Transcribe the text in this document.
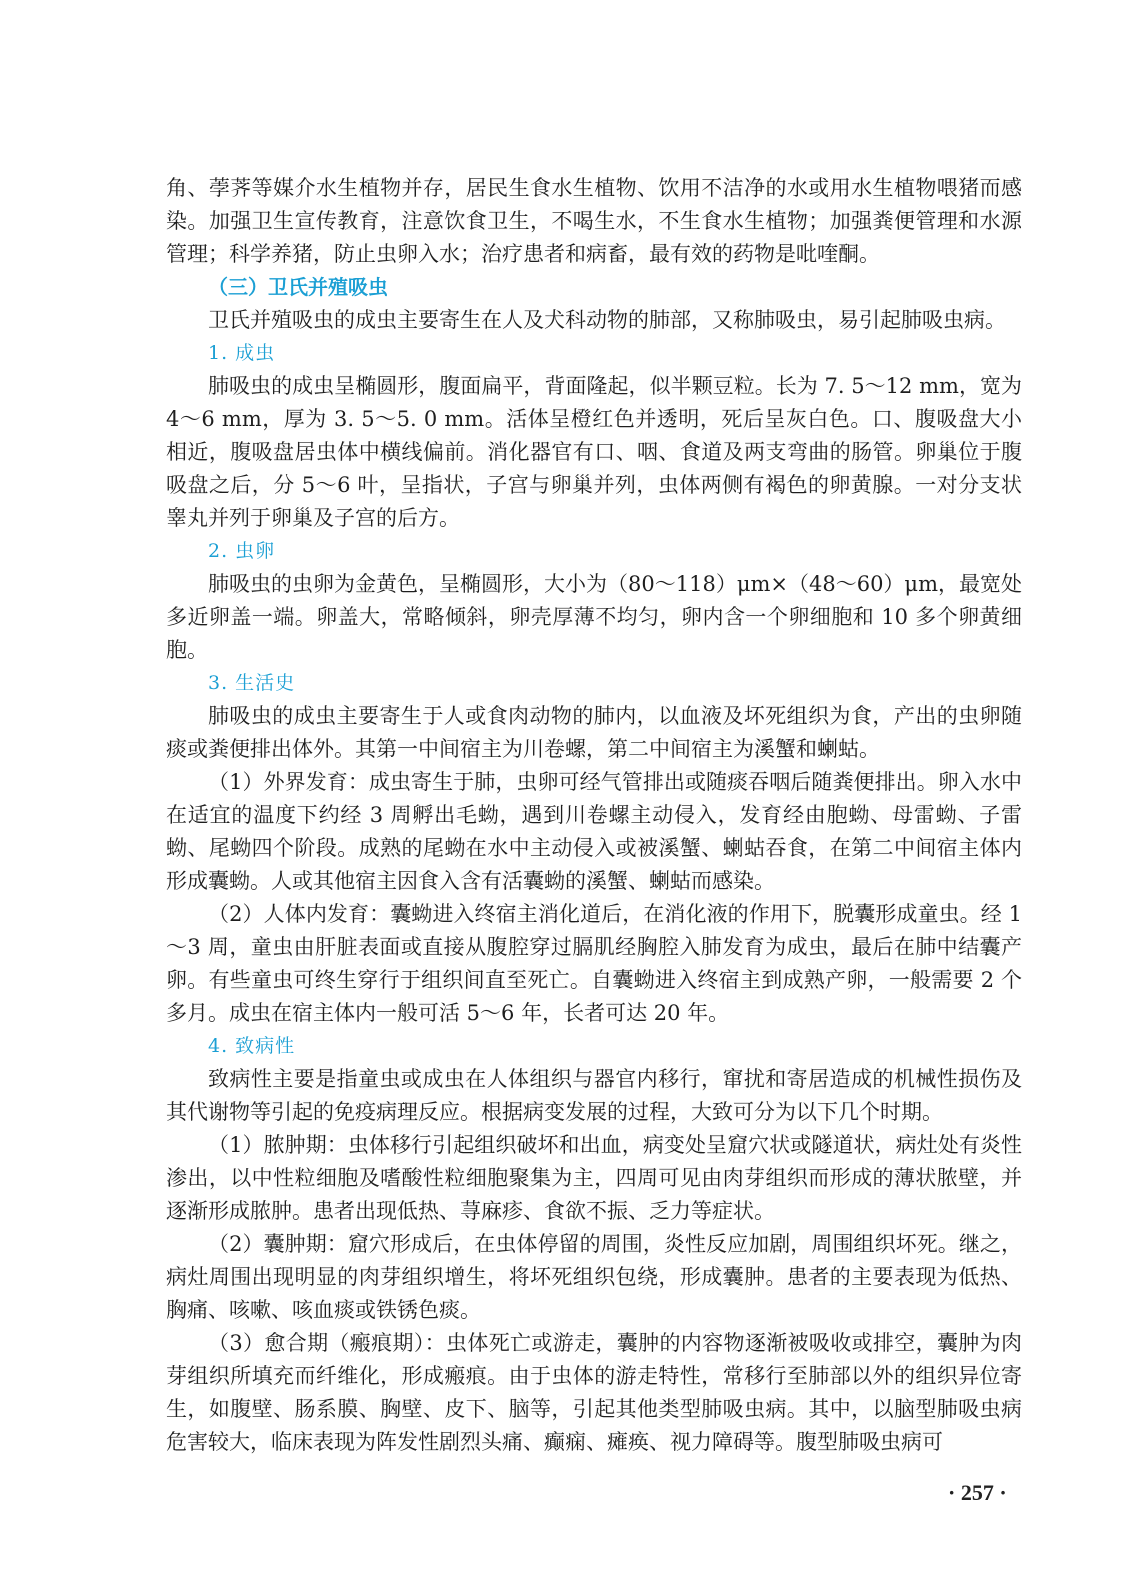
角、荸荠等媒介水生植物并存，居民生食水生植物、饮用不洁净的水或用水生植物喂猪而感染。加强卫生宣传教育，注意饮食卫生，不喝生水，不生食水生植物；加强粪便管理和水源管理；科学养猪，防止虫卵入水；治疗患者和病畜，最有效的药物是吡喹酮。

（三）卫氏并殖吸虫

卫氏并殖吸虫的成虫主要寄生在人及犬科动物的肺部，又称肺吸虫，易引起肺吸虫病。

1. 成虫

肺吸虫的成虫呈椭圆形，腹面扁平，背面隆起，似半颗豆粒。长为 7. 5～12 mm，宽为 4～6 mm，厚为 3. 5～5. 0 mm。活体呈橙红色并透明，死后呈灰白色。口、腹吸盘大小相近，腹吸盘居虫体中横线偏前。消化器官有口、咽、食道及两支弯曲的肠管。卵巢位于腹吸盘之后，分 5～6 叶，呈指状，子宫与卵巢并列，虫体两侧有褐色的卵黄腺。一对分支状睾丸并列于卵巢及子宫的后方。

2. 虫卵

肺吸虫的虫卵为金黄色，呈椭圆形，大小为（80～118）μm×（48～60）μm，最宽处多近卵盖一端。卵盖大，常略倾斜，卵壳厚薄不均匀，卵内含一个卵细胞和 10 多个卵黄细胞。

3. 生活史

肺吸虫的成虫主要寄生于人或食肉动物的肺内，以血液及坏死组织为食，产出的虫卵随痰或粪便排出体外。其第一中间宿主为川卷螺，第二中间宿主为溪蟹和蝲蛄。

（1）外界发育：成虫寄生于肺，虫卵可经气管排出或随痰吞咽后随粪便排出。卵入水中在适宜的温度下约经 3 周孵出毛蚴，遇到川卷螺主动侵入，发育经由胞蚴、母雷蚴、子雷蚴、尾蚴四个阶段。成熟的尾蚴在水中主动侵入或被溪蟹、蝲蛄吞食，在第二中间宿主体内形成囊蚴。人或其他宿主因食入含有活囊蚴的溪蟹、蝲蛄而感染。

（2）人体内发育：囊蚴进入终宿主消化道后，在消化液的作用下，脱囊形成童虫。经 1～3 周，童虫由肝脏表面或直接从腹腔穿过膈肌经胸腔入肺发育为成虫，最后在肺中结囊产卵。有些童虫可终生穿行于组织间直至死亡。自囊蚴进入终宿主到成熟产卵，一般需要 2 个多月。成虫在宿主体内一般可活 5～6 年，长者可达 20 年。

4. 致病性

致病性主要是指童虫或成虫在人体组织与器官内移行，窜扰和寄居造成的机械性损伤及其代谢物等引起的免疫病理反应。根据病变发展的过程，大致可分为以下几个时期。

（1）脓肿期：虫体移行引起组织破坏和出血，病变处呈窟穴状或隧道状，病灶处有炎性渗出，以中性粒细胞及嗜酸性粒细胞聚集为主，四周可见由肉芽组织而形成的薄状脓壁，并逐渐形成脓肿。患者出现低热、荨麻疹、食欲不振、乏力等症状。

（2）囊肿期：窟穴形成后，在虫体停留的周围，炎性反应加剧，周围组织坏死。继之，病灶周围出现明显的肉芽组织增生，将坏死组织包绕，形成囊肿。患者的主要表现为低热、胸痛、咳嗽、咳血痰或铁锈色痰。

（3）愈合期（瘢痕期）：虫体死亡或游走，囊肿的内容物逐渐被吸收或排空，囊肿为肉芽组织所填充而纤维化，形成瘢痕。由于虫体的游走特性，常移行至肺部以外的组织异位寄生，如腹壁、肠系膜、胸壁、皮下、脑等，引起其他类型肺吸虫病。其中，以脑型肺吸虫病危害较大，临床表现为阵发性剧烈头痛、癫痫、瘫痪、视力障碍等。腹型肺吸虫病可

· 257 ·
